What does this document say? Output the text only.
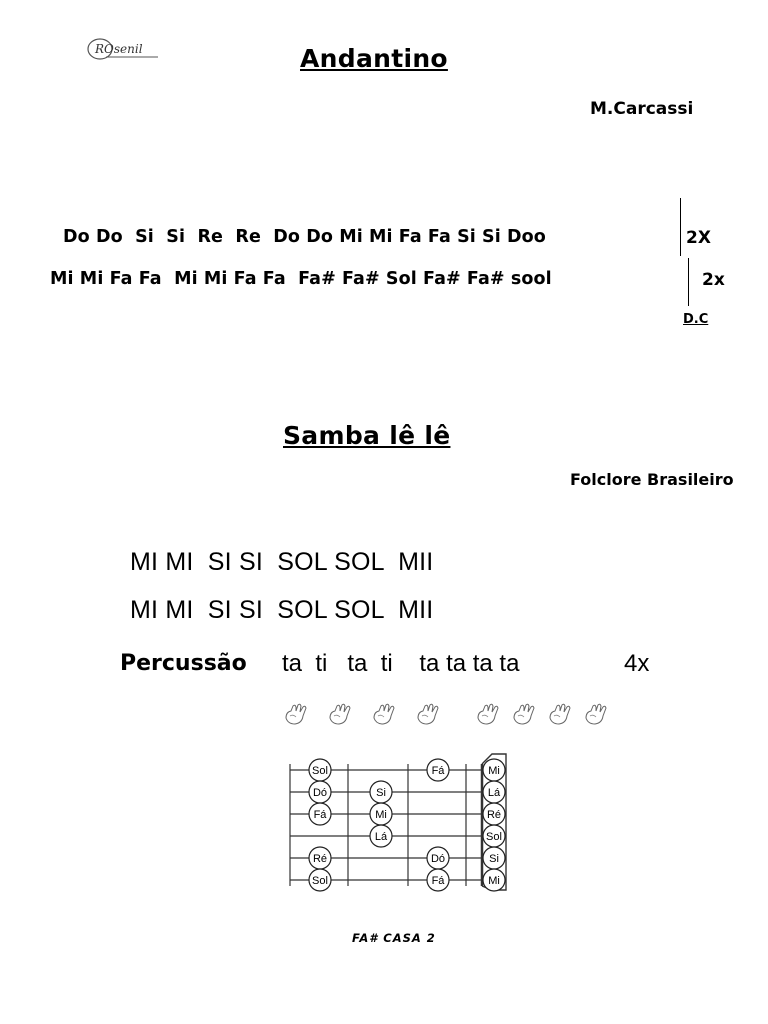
ROsenil	Andantino
M.Carcassi
Do Do  Si  Si  Re  Re  Do Do Mi Mi Fa Fa Si Si Doo	2X
Mi Mi Fa Fa  Mi Mi Fa Fa  Fa# Fa# Sol Fa# Fa# sool	2x
D.C
Samba lê lê
Folclore Brasileiro
MI MI  SI SI  SOL SOL  MII
MI MI  SI SI  SOL SOL  MII
Percussão ta  ti   ta  ti    ta ta ta ta	4x
Sol
Dó
Fá
Ré
Sol
Si
Mi
Lá
Fá
Dó
Fá
Mi
Lá
Ré
Sol
Si
Mi
FA# CASA 2
